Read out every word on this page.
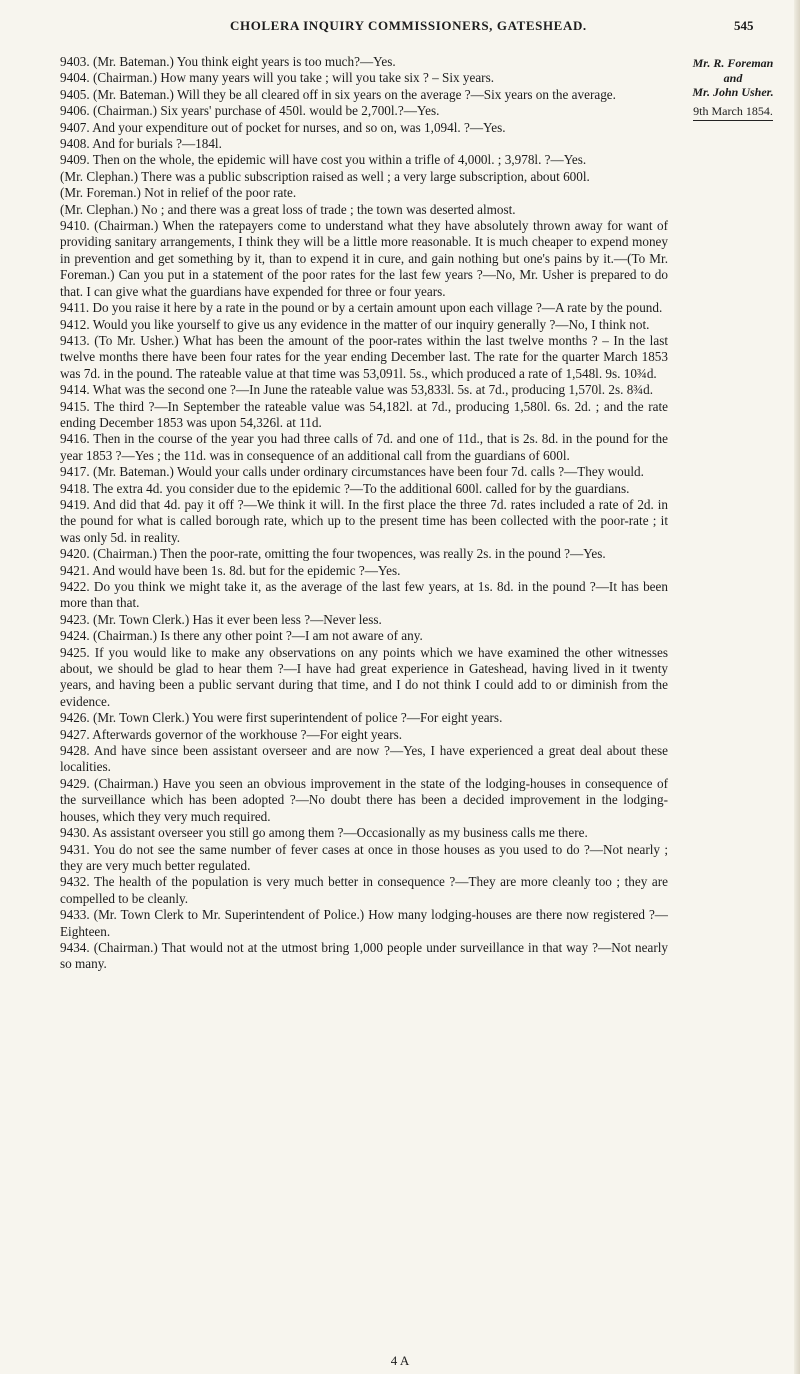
CHOLERA INQUIRY COMMISSIONERS, GATESHEAD.	545
Mr. R. Foreman
and
Mr. John Usher.
9th March 1854.

9403. (Mr. Bateman.) You think eight years is too much?—Yes.

9404. (Chairman.) How many years will you take ; will you take six ? – Six years.

9405. (Mr. Bateman.) Will they be all cleared off in six years on the average ?—Six years on the average.

9406. (Chairman.) Six years' purchase of 450l. would be 2,700l.?—Yes.

9407. And your expenditure out of pocket for nurses, and so on, was 1,094l. ?—Yes.

9408. And for burials ?—184l.

9409. Then on the whole, the epidemic will have cost you within a trifle of 4,000l. ; 3,978l. ?—Yes.

(Mr. Clephan.) There was a public subscription raised as well ; a very large subscription, about 600l.

(Mr. Foreman.) Not in relief of the poor rate.

(Mr. Clephan.) No ; and there was a great loss of trade ; the town was deserted almost.

9410. (Chairman.) When the ratepayers come to understand what they have absolutely thrown away for want of providing sanitary arrangements, I think they will be a little more reasonable. It is much cheaper to expend money in prevention and get something by it, than to expend it in cure, and gain nothing but one's pains by it.—(To Mr. Foreman.) Can you put in a statement of the poor rates for the last few years ?—No, Mr. Usher is prepared to do that. I can give what the guardians have expended for three or four years.

9411. Do you raise it here by a rate in the pound or by a certain amount upon each village ?—A rate by the pound.

9412. Would you like yourself to give us any evidence in the matter of our inquiry generally ?—No, I think not.

9413. (To Mr. Usher.) What has been the amount of the poor-rates within the last twelve months ? – In the last twelve months there have been four rates for the year ending December last. The rate for the quarter March 1853 was 7d. in the pound. The rateable value at that time was 53,091l. 5s., which produced a rate of 1,548l. 9s. 10¾d.

9414. What was the second one ?—In June the rateable value was 53,833l. 5s. at 7d., producing 1,570l. 2s. 8¾d.

9415. The third ?—In September the rateable value was 54,182l. at 7d., producing 1,580l. 6s. 2d. ; and the rate ending December 1853 was upon 54,326l. at 11d.

9416. Then in the course of the year you had three calls of 7d. and one of 11d., that is 2s. 8d. in the pound for the year 1853 ?—Yes ; the 11d. was in consequence of an additional call from the guardians of 600l.

9417. (Mr. Bateman.) Would your calls under ordinary circumstances have been four 7d. calls ?—They would.

9418. The extra 4d. you consider due to the epidemic ?—To the additional 600l. called for by the guardians.

9419. And did that 4d. pay it off ?—We think it will. In the first place the three 7d. rates included a rate of 2d. in the pound for what is called borough rate, which up to the present time has been collected with the poor-rate ; it was only 5d. in reality.

9420. (Chairman.) Then the poor-rate, omitting the four twopences, was really 2s. in the pound ?—Yes.

9421. And would have been 1s. 8d. but for the epidemic ?—Yes.

9422. Do you think we might take it, as the average of the last few years, at 1s. 8d. in the pound ?—It has been more than that.

9423. (Mr. Town Clerk.) Has it ever been less ?—Never less.

9424. (Chairman.) Is there any other point ?—I am not aware of any.

9425. If you would like to make any observations on any points which we have examined the other witnesses about, we should be glad to hear them ?—I have had great experience in Gateshead, having lived in it twenty years, and having been a public servant during that time, and I do not think I could add to or diminish from the evidence.

9426. (Mr. Town Clerk.) You were first superintendent of police ?—For eight years.

9427. Afterwards governor of the workhouse ?—For eight years.

9428. And have since been assistant overseer and are now ?—Yes, I have experienced a great deal about these localities.

9429. (Chairman.) Have you seen an obvious improvement in the state of the lodging-houses in consequence of the surveillance which has been adopted ?—No doubt there has been a decided improvement in the lodging-houses, which they very much required.

9430. As assistant overseer you still go among them ?—Occasionally as my business calls me there.

9431. You do not see the same number of fever cases at once in those houses as you used to do ?—Not nearly ; they are very much better regulated.

9432. The health of the population is very much better in consequence ?—They are more cleanly too ; they are compelled to be cleanly.

9433. (Mr. Town Clerk to Mr. Superintendent of Police.) How many lodging-houses are there now registered ?—Eighteen.

9434. (Chairman.) That would not at the utmost bring 1,000 people under surveillance in that way ?—Not nearly so many.

4 A
